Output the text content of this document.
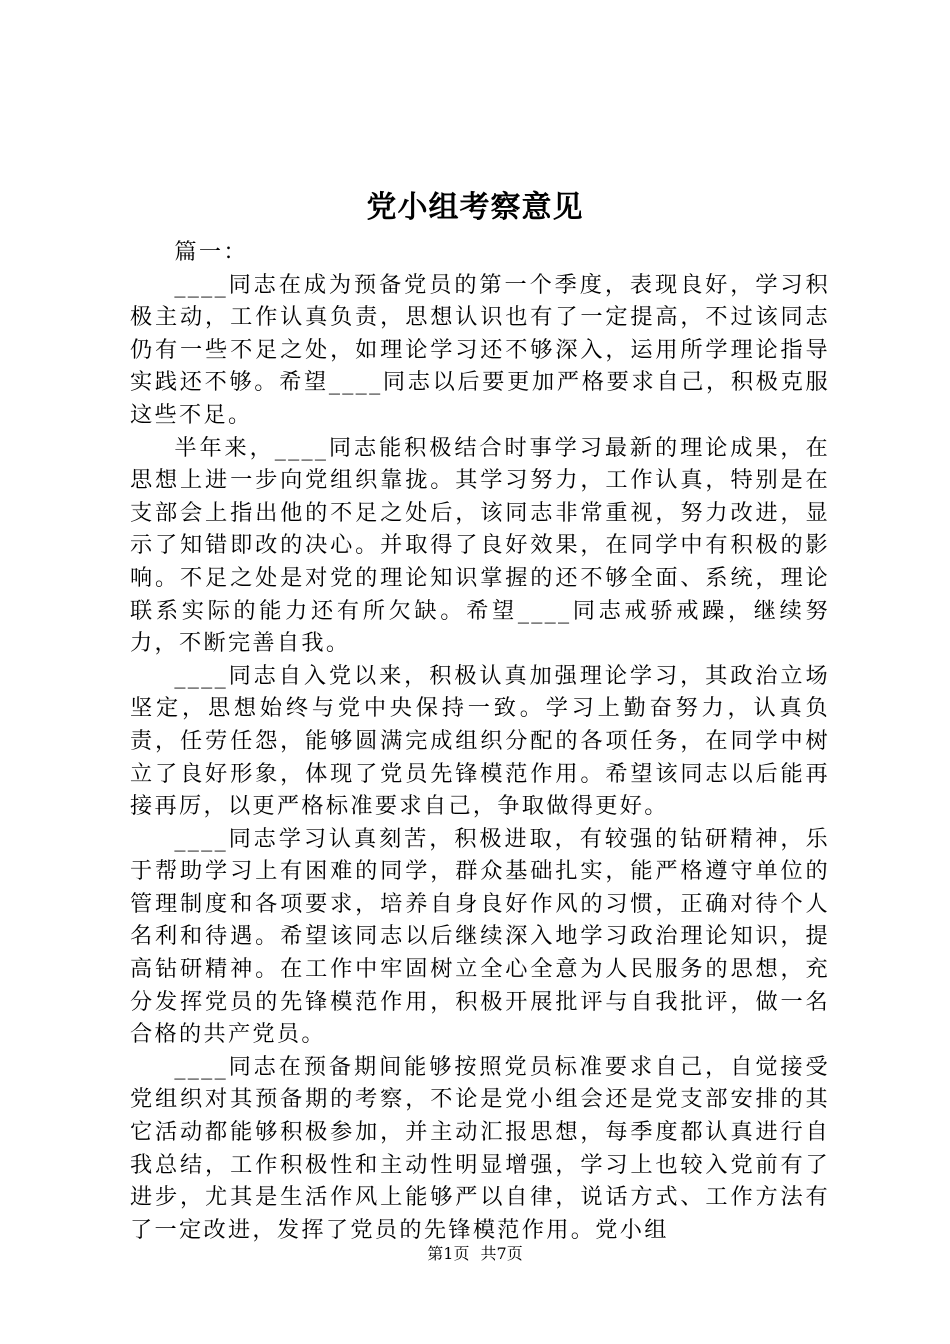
党小组考察意见

篇一：

____同志在成为预备党员的第一个季度，表现良好，学习积极主动，工作认真负责，思想认识也有了一定提高，不过该同志仍有一些不足之处，如理论学习还不够深入，运用所学理论指导实践还不够。希望____同志以后要更加严格要求自己，积极克服这些不足。

半年来，____同志能积极结合时事学习最新的理论成果，在思想上进一步向党组织靠拢。其学习努力，工作认真，特别是在支部会上指出他的不足之处后，该同志非常重视，努力改进，显示了知错即改的决心。并取得了良好效果，在同学中有积极的影响。不足之处是对党的理论知识掌握的还不够全面、系统，理论联系实际的能力还有所欠缺。希望____同志戒骄戒躁，继续努力，不断完善自我。

____同志自入党以来，积极认真加强理论学习，其政治立场坚定，思想始终与党中央保持一致。学习上勤奋努力，认真负责，任劳任怨，能够圆满完成组织分配的各项任务，在同学中树立了良好形象，体现了党员先锋模范作用。希望该同志以后能再接再厉，以更严格标准要求自己，争取做得更好。

____同志学习认真刻苦，积极进取，有较强的钻研精神，乐于帮助学习上有困难的同学，群众基础扎实，能严格遵守单位的管理制度和各项要求，培养自身良好作风的习惯，正确对待个人名利和待遇。希望该同志以后继续深入地学习政治理论知识，提高钻研精神。在工作中牢固树立全心全意为人民服务的思想，充分发挥党员的先锋模范作用，积极开展批评与自我批评，做一名合格的共产党员。

____同志在预备期间能够按照党员标准要求自己，自觉接受党组织对其预备期的考察，不论是党小组会还是党支部安排的其它活动都能够积极参加，并主动汇报思想，每季度都认真进行自我总结，工作积极性和主动性明显增强，学习上也较入党前有了进步，尤其是生活作风上能够严以自律，说话方式、工作方法有了一定改进，发挥了党员的先锋模范作用。党小组

第1页 共7页
